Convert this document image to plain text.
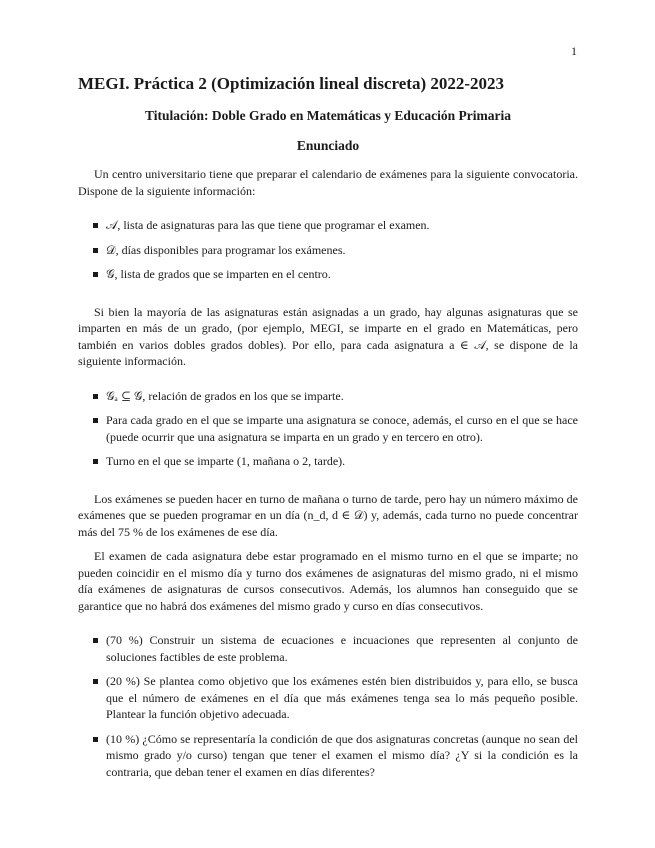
1
MEGI. Práctica 2 (Optimización lineal discreta) 2022-2023
Titulación: Doble Grado en Matemáticas y Educación Primaria
Enunciado

Un centro universitario tiene que preparar el calendario de exámenes para la siguiente convocatoria. Dispone de la siguiente información:

𝒜, lista de asignaturas para las que tiene que programar el examen.
𝒟, días disponibles para programar los exámenes.
𝒢, lista de grados que se imparten en el centro.

Si bien la mayoría de las asignaturas están asignadas a un grado, hay algunas asignaturas que se imparten en más de un grado, (por ejemplo, MEGI, se imparte en el grado en Matemáticas, pero también en varios dobles grados dobles). Por ello, para cada asignatura a ∈ 𝒜, se dispone de la siguiente información.

𝒢ₐ ⊆ 𝒢, relación de grados en los que se imparte.
Para cada grado en el que se imparte una asignatura se conoce, además, el curso en el que se hace (puede ocurrir que una asignatura se imparta en un grado y en tercero en otro).
Turno en el que se imparte (1, mañana o 2, tarde).

Los exámenes se pueden hacer en turno de mañana o turno de tarde, pero hay un número máximo de exámenes que se pueden programar en un día (n_d, d ∈ 𝒟) y, además, cada turno no puede concentrar más del 75 % de los exámenes de ese día.

El examen de cada asignatura debe estar programado en el mismo turno en el que se imparte; no pueden coincidir en el mismo día y turno dos exámenes de asignaturas del mismo grado, ni el mismo día exámenes de asignaturas de cursos consecutivos. Además, los alumnos han conseguido que se garantice que no habrá dos exámenes del mismo grado y curso en días consecutivos.

(70 %) Construir un sistema de ecuaciones e incuaciones que representen al conjunto de soluciones factibles de este problema.
(20 %) Se plantea como objetivo que los exámenes estén bien distribuidos y, para ello, se busca que el número de exámenes en el día que más exámenes tenga sea lo más pequeño posible. Plantear la función objetivo adecuada.
(10 %) ¿Cómo se representaría la condición de que dos asignaturas concretas (aunque no sean del mismo grado y/o curso) tengan que tener el examen el mismo día? ¿Y si la condición es la contraria, que deban tener el examen en días diferentes?
